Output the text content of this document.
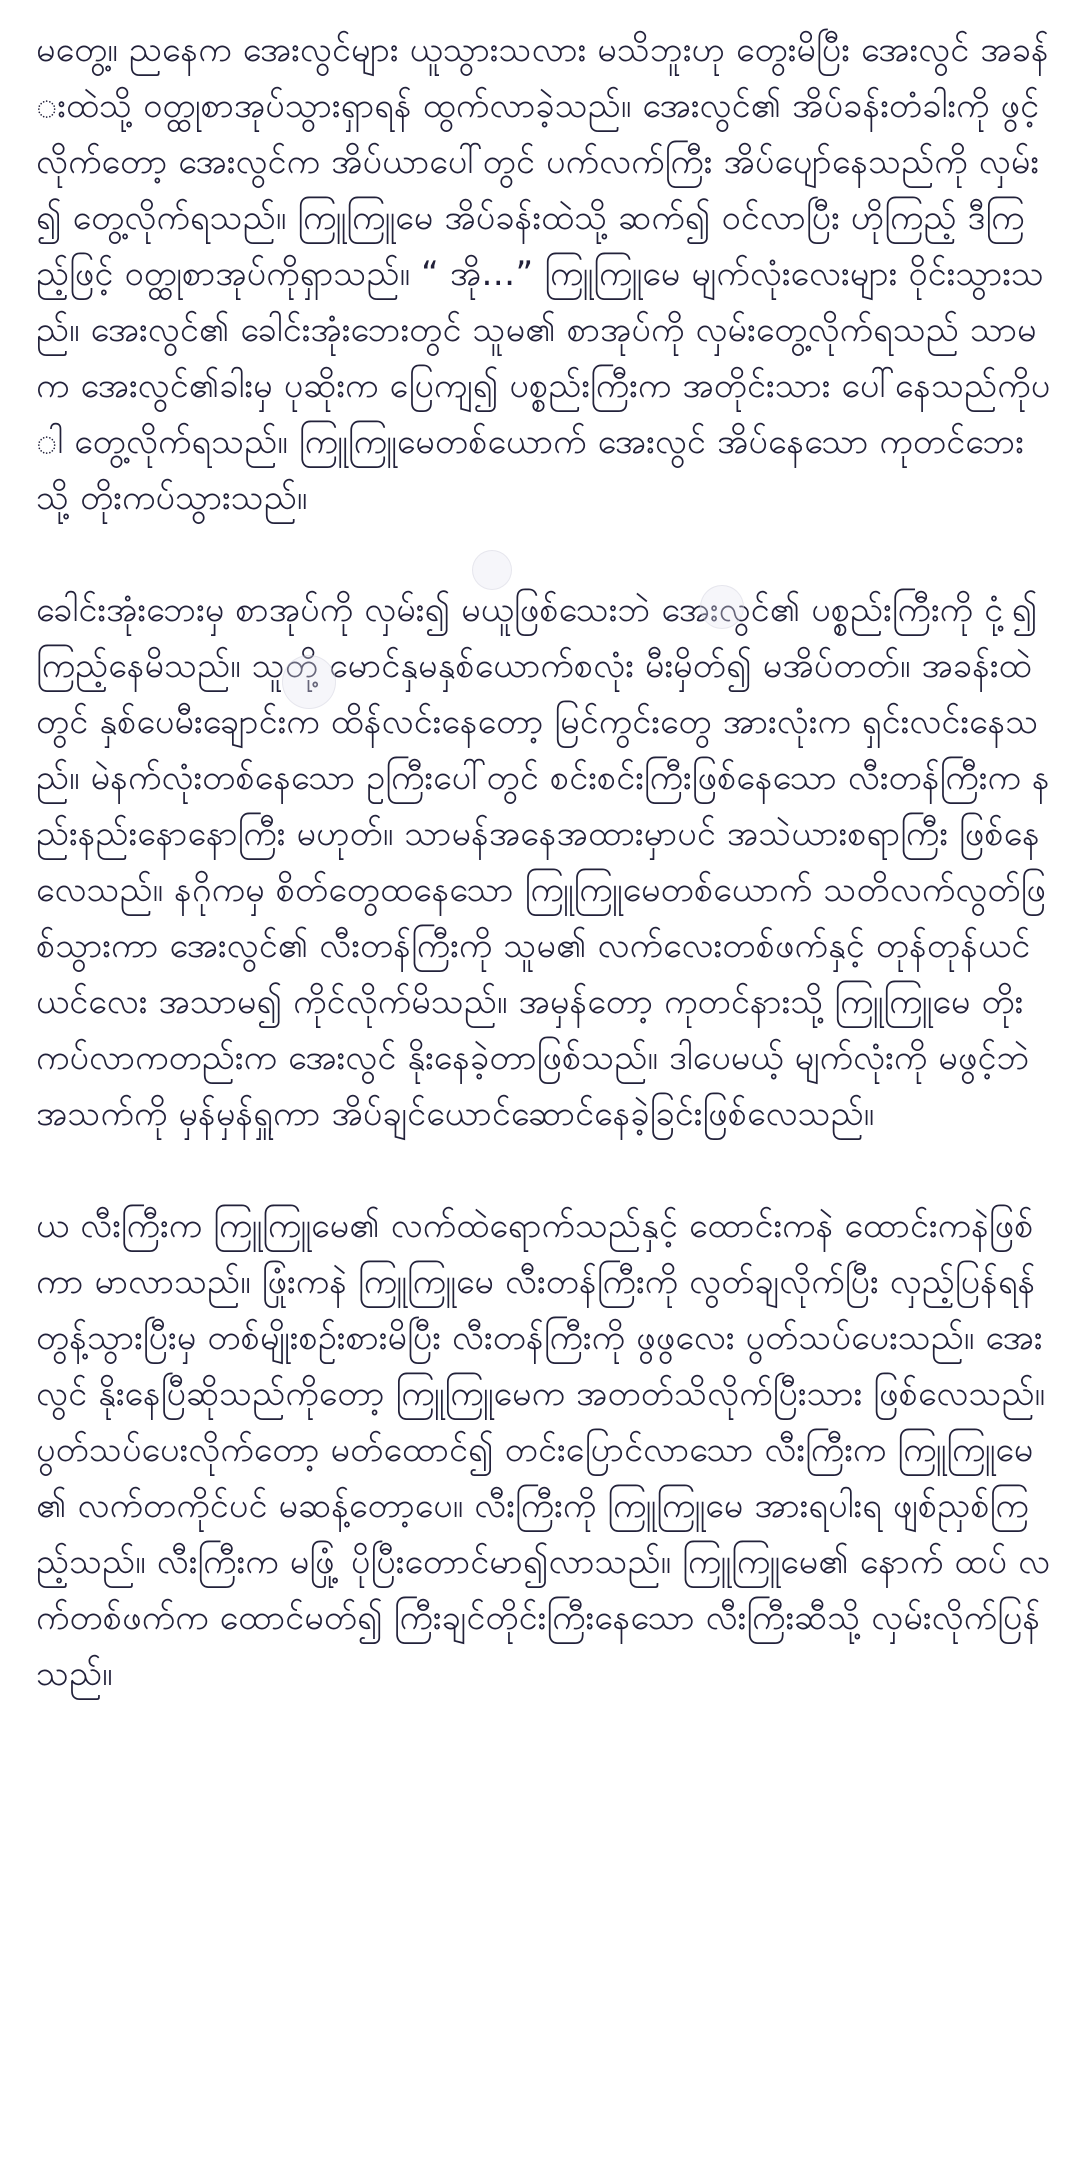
မတွေ့။ ညနေက အေးလွင်များ ယူသွားသလား မသိဘူးဟု တွေးမိပြီး အေးလွင် အခန်းထဲသို့ ဝတ္ထုစာအုပ်သွားရှာရန် ထွက်လာခဲ့သည်။ အေးလွင်၏ အိပ်ခန်းတံခါးကို ဖွင့်လိုက်တော့ အေးလွင်က အိပ်ယာပေါ်တွင် ပက်လက်ကြီး အိပ်ပျော်နေသည်ကို လှမ်း၍ တွေ့လိုက်ရသည်။ ကြူကြူမေ အိပ်ခန်းထဲသို့ ဆက်၍ ဝင်လာပြီး ဟိုကြည့် ဒီကြည့်ဖြင့် ဝတ္ထုစာအုပ်ကိုရှာသည်။ “ အို…” ကြူကြူမေ မျက်လုံးလေးများ ဝိုင်းသွားသည်။ အေးလွင်၏ ခေါင်းအုံးဘေးတွင် သူမ၏ စာအုပ်ကို လှမ်းတွေ့လိုက်ရသည် သာမက အေးလွင်၏ခါးမှ ပုဆိုးက ပြေကျ၍ ပစ္စည်းကြီးက အတိုင်းသား ပေါ်နေသည်ကိုပါ တွေ့လိုက်ရသည်။ ကြူကြူမေတစ်ယောက် အေးလွင် အိပ်နေသော ကုတင်ဘေးသို့ တိုးကပ်သွားသည်။

ခေါင်းအုံးဘေးမှ စာအုပ်ကို လှမ်း၍ မယူဖြစ်သေးဘဲ အေးလွင်၏ ပစ္စည်းကြီးကို ငုံ့၍ ကြည့်နေမိသည်။ သူတို့ မောင်နှမနှစ်ယောက်စလုံး မီးမှိတ်၍ မအိပ်တတ်။ အခန်းထဲတွင် နှစ်ပေမီးချောင်းက ထိန်လင်းနေတော့ မြင်ကွင်းတွေ အားလုံးက ရှင်းလင်းနေသည်။ မဲနက်လုံးတစ်နေသော ဥကြီးပေါ်တွင် စင်းစင်းကြီးဖြစ်နေသော လီးတန်ကြီးက နည်းနည်းနောနောကြီး မဟုတ်။ သာမန်အနေအထားမှာပင် အသဲယားစရာကြီး ဖြစ်နေလေသည်။ နဂိုကမှ စိတ်တွေထနေသော ကြူကြူမေတစ်ယောက် သတိလက်လွတ်ဖြစ်သွားကာ အေးလွင်၏ လီးတန်ကြီးကို သူမ၏ လက်လေးတစ်ဖက်နှင့် တုန်တုန်ယင်ယင်လေး အသာမ၍ ကိုင်လိုက်မိသည်။ အမှန်တော့ ကုတင်နားသို့ ကြူကြူမေ တိုးကပ်လာကတည်းက အေးလွင် နိုးနေခဲ့တာဖြစ်သည်။ ဒါပေမယ့် မျက်လုံးကို မဖွင့်ဘဲ အသက်ကို မှန်မှန်ရှူကာ အိပ်ချင်ယောင်ဆောင်နေခဲ့ခြင်းဖြစ်လေသည်။

ယ လီးကြီးက ကြူကြူမေ၏ လက်ထဲရောက်သည်နှင့် ထောင်းကနဲ ထောင်းကနဲဖြစ်ကာ မာလာသည်။ ဖြုံးကနဲ ကြူကြူမေ လီးတန်ကြီးကို လွတ်ချလိုက်ပြီး လှည့်ပြန်ရန် တွန့်သွားပြီးမှ တစ်မျိုးစဉ်းစားမိပြီး လီးတန်ကြီးကို ဖွဖွလေး ပွတ်သပ်ပေးသည်။ အေးလွင် နိုးနေပြီဆိုသည်ကိုတော့ ကြူကြူမေက အတတ်သိလိုက်ပြီးသား ဖြစ်လေသည်။ ပွတ်သပ်ပေးလိုက်တော့ မတ်ထောင်၍ တင်းပြောင်လာသော လီးကြီးက ကြူကြူမေ၏ လက်တကိုင်ပင် မဆန့်တော့ပေ။ လီးကြီးကို ကြူကြူမေ အားရပါးရ ဖျစ်ညှစ်ကြည့်သည်။ လီးကြီးက မဖြုံ့ ပိုပြီးတောင်မာ၍လာသည်။ ကြူကြူမေ၏ နောက် ထပ် လက်တစ်ဖက်က ထောင်မတ်၍ ကြီးချင်တိုင်းကြီးနေသော လီးကြီးဆီသို့ လှမ်းလိုက်ပြန်သည်။
